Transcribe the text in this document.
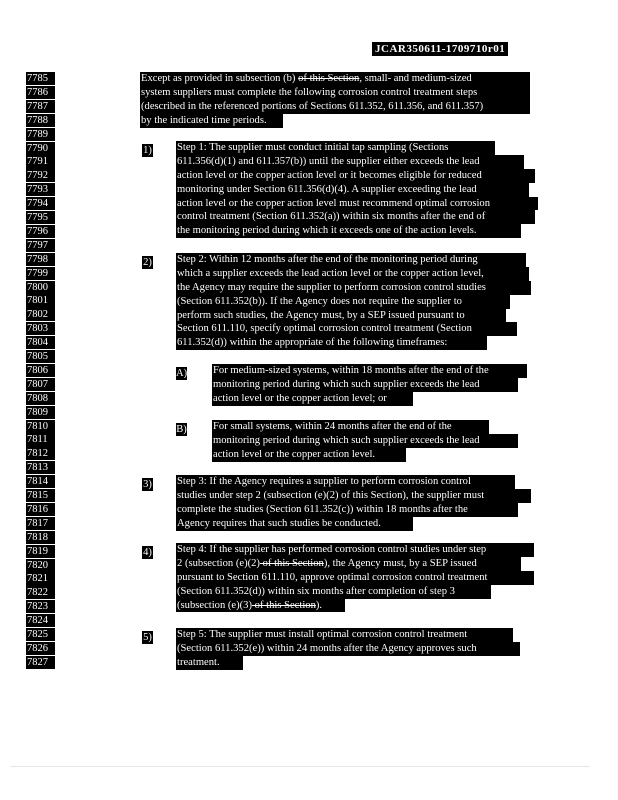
JCAR350611-1709710r01
7785
7786
7787
7788
7789
7790
7791
7792
7793
7794
7795
7796
7797
7798
7799
7800
7801
7802
7803
7804
7805
7806
7807
7808
7809
7810
7811
7812
7813
7814
7815
7816
7817
7818
7819
7820
7821
7822
7823
7824
7825
7826
7827
Except as provided in subsection (b) of this Section, small- and medium-sized
system suppliers must complete the following corrosion control treatment steps
(described in the referenced portions of Sections 611.352, 611.356, and 611.357)
by the indicated time periods.
1) Step 1: The supplier must conduct initial tap sampling (Sections
611.356(d)(1) and 611.357(b)) until the supplier either exceeds the lead
action level or the copper action level or it becomes eligible for reduced
monitoring under Section 611.356(d)(4). A supplier exceeding the lead
action level or the copper action level must recommend optimal corrosion
control treatment (Section 611.352(a)) within six months after the end of
the monitoring period during which it exceeds one of the action levels.
2) Step 2: Within 12 months after the end of the monitoring period during
which a supplier exceeds the lead action level or the copper action level,
the Agency may require the supplier to perform corrosion control studies
(Section 611.352(b)). If the Agency does not require the supplier to
perform such studies, the Agency must, by a SEP issued pursuant to
Section 611.110, specify optimal corrosion control treatment (Section
611.352(d)) within the appropriate of the following timeframes:
A) For medium-sized systems, within 18 months after the end of the
monitoring period during which such supplier exceeds the lead
action level or the copper action level; or
B) For small systems, within 24 months after the end of the
monitoring period during which such supplier exceeds the lead
action level or the copper action level.
3) Step 3: If the Agency requires a supplier to perform corrosion control
studies under step 2 (subsection (e)(2) of this Section), the supplier must
complete the studies (Section 611.352(c)) within 18 months after the
Agency requires that such studies be conducted.
4) Step 4: If the supplier has performed corrosion control studies under step
2 (subsection (e)(2) of this Section), the Agency must, by a SEP issued
pursuant to Section 611.110, approve optimal corrosion control treatment
(Section 611.352(d)) within six months after completion of step 3
(subsection (e)(3) of this Section).
5) Step 5: The supplier must install optimal corrosion control treatment
(Section 611.352(e)) within 24 months after the Agency approves such
treatment.
